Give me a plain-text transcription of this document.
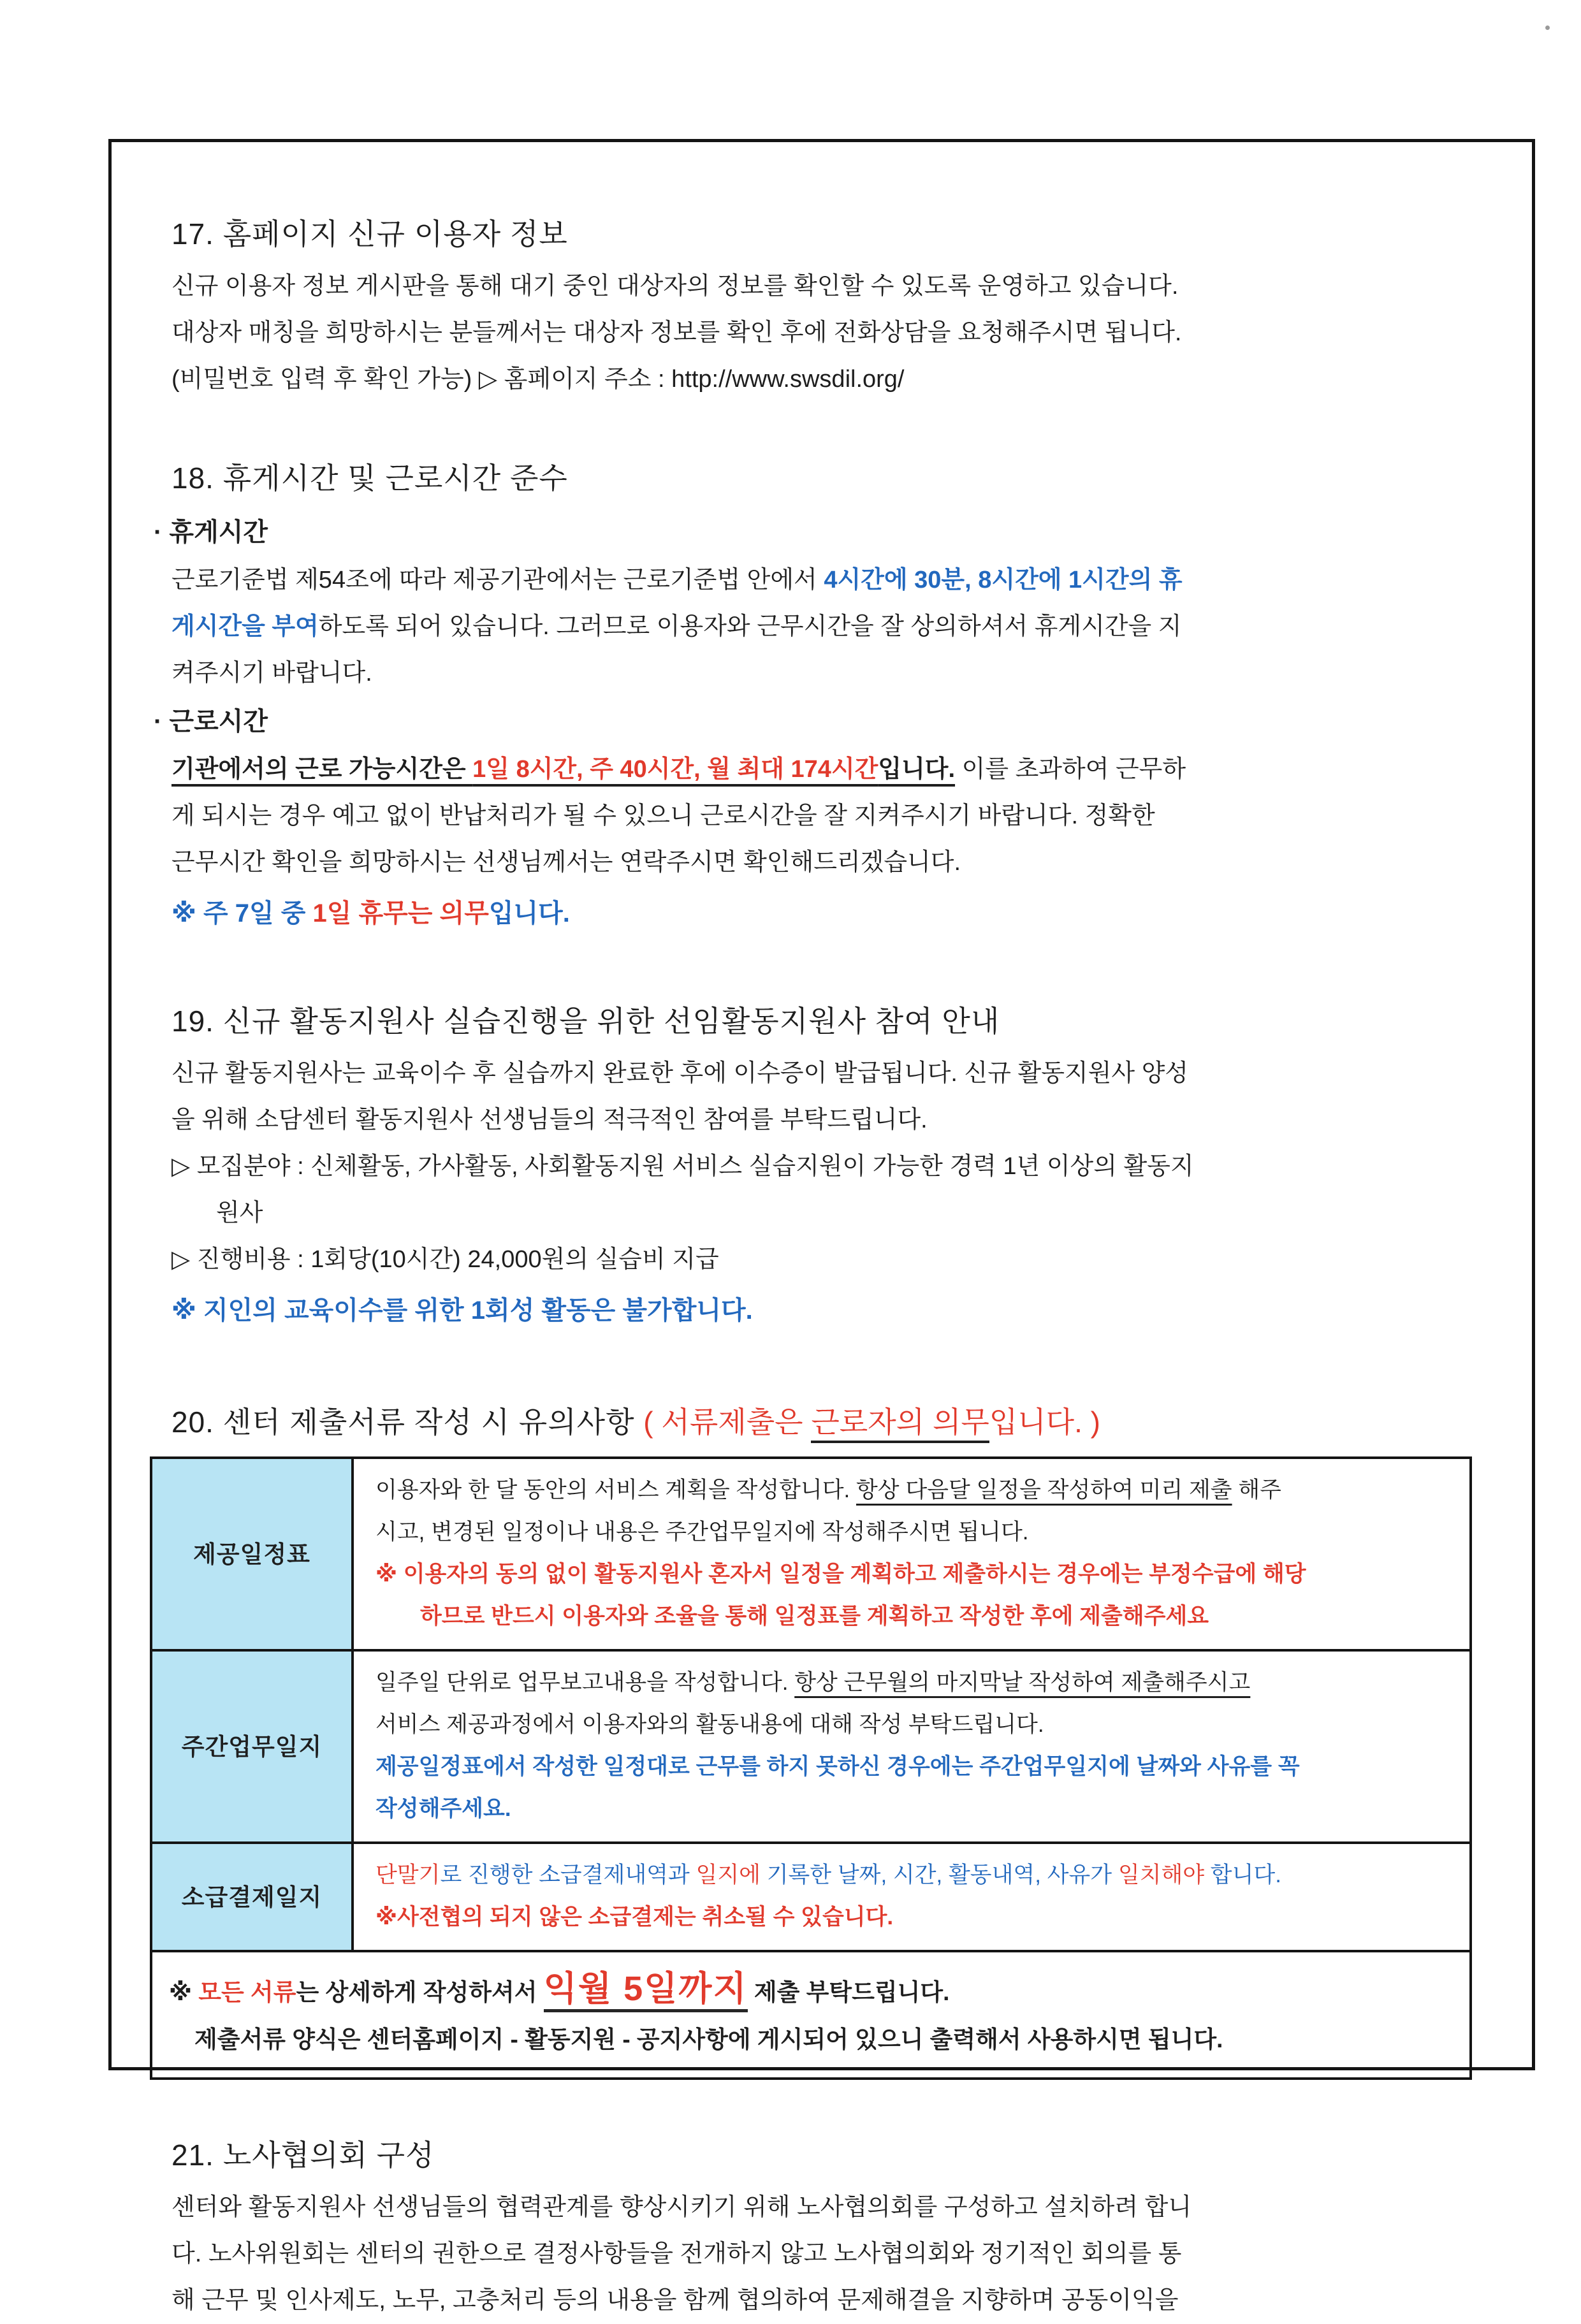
17. 홈페이지 신규 이용자 정보
신규 이용자 정보 게시판을 통해 대기 중인 대상자의 정보를 확인할 수 있도록 운영하고 있습니다.
대상자 매칭을 희망하시는 분들께서는 대상자 정보를 확인 후에 전화상담을 요청해주시면 됩니다.
(비밀번호 입력 후 확인 가능) ▷ 홈페이지 주소 : http://www.swsdil.org/
18. 휴게시간 및 근로시간 준수
· 휴게시간
근로기준법 제54조에 따라 제공기관에서는 근로기준법 안에서 4시간에 30분, 8시간에 1시간의 휴
게시간을 부여하도록 되어 있습니다. 그러므로 이용자와 근무시간을 잘 상의하셔서 휴게시간을 지
켜주시기 바랍니다.
· 근로시간
기관에서의 근로 가능시간은 1일 8시간, 주 40시간, 월 최대 174시간입니다. 이를 초과하여 근무하
게 되시는 경우 예고 없이 반납처리가 될 수 있으니 근로시간을 잘 지켜주시기 바랍니다. 정확한
근무시간 확인을 희망하시는 선생님께서는 연락주시면 확인해드리겠습니다.
※ 주 7일 중 1일 휴무는 의무입니다.
19. 신규 활동지원사 실습진행을 위한 선임활동지원사 참여 안내
신규 활동지원사는 교육이수 후 실습까지 완료한 후에 이수증이 발급됩니다. 신규 활동지원사 양성
을 위해 소담센터 활동지원사 선생님들의 적극적인 참여를 부탁드립니다.
▷ 모집분야 : 신체활동, 가사활동, 사회활동지원 서비스 실습지원이 가능한 경력 1년 이상의 활동지
원사
▷ 진행비용 : 1회당(10시간) 24,000원의 실습비 지급
※ 지인의 교육이수를 위한 1회성 활동은 불가합니다.
20. 센터 제출서류 작성 시 유의사항 ( 서류제출은 근로자의 의무입니다. )
제공일정표
이용자와 한 달 동안의 서비스 계획을 작성합니다. 항상 다음달 일정을 작성하여 미리 제출 해주
시고, 변경된 일정이나 내용은 주간업무일지에 작성해주시면 됩니다.
※ 이용자의 동의 없이 활동지원사 혼자서 일정을 계획하고 제출하시는 경우에는 부정수급에 해당
하므로 반드시 이용자와 조율을 통해 일정표를 계획하고 작성한 후에 제출해주세요
주간업무일지
일주일 단위로 업무보고내용을 작성합니다. 항상 근무월의 마지막날 작성하여 제출해주시고
서비스 제공과정에서 이용자와의 활동내용에 대해 작성 부탁드립니다.
제공일정표에서 작성한 일정대로 근무를 하지 못하신 경우에는 주간업무일지에 날짜와 사유를 꼭
작성해주세요.
소급결제일지
단말기로 진행한 소급결제내역과 일지에 기록한 날짜, 시간, 활동내역, 사유가 일치해야 합니다.
※사전협의 되지 않은 소급결제는 취소될 수 있습니다.
※ 모든 서류는 상세하게 작성하셔서 익월 5일까지 제출 부탁드립니다.
제출서류 양식은 센터홈페이지 - 활동지원 - 공지사항에 게시되어 있으니 출력해서 사용하시면 됩니다.
21. 노사협의회 구성
센터와 활동지원사 선생님들의 협력관계를 향상시키기 위해 노사협의회를 구성하고 설치하려 합니
다. 노사위원회는 센터의 권한으로 결정사항들을 전개하지 않고 노사협의회와 정기적인 회의를 통
해 근무 및 인사제도, 노무, 고충처리 등의 내용을 함께 협의하여 문제해결을 지향하며 공동이익을
